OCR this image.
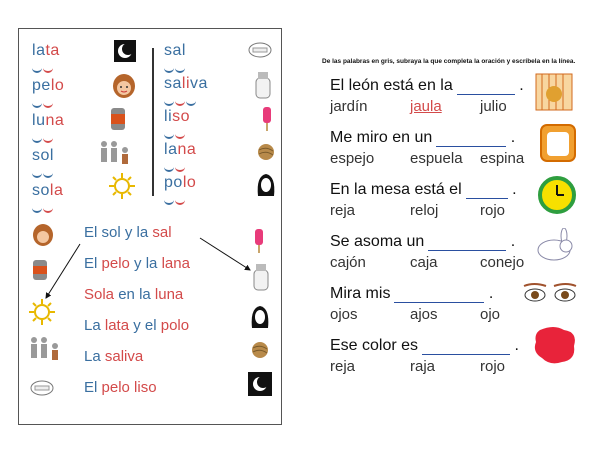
lata
pelo
luna
sol
sola
sal
saliva
liso
lana
polo
El sol y la sal
El pelo y la lana
Sola en la luna
La lata y el polo
La saliva
El pelo liso
De las palabras en gris, subraya la que completa la oración y escríbela en la línea.
El león está en la	.
jardín	jaula	julio
Me miro en un	.
espejo espuela espina
En la mesa está el	.
reja	reloj	rojo
Se asoma un	.
cajón	caja	conejo
Mira mis	.
ojos	ajos	ojo
Ese color es	.
reja	raja	rojo
